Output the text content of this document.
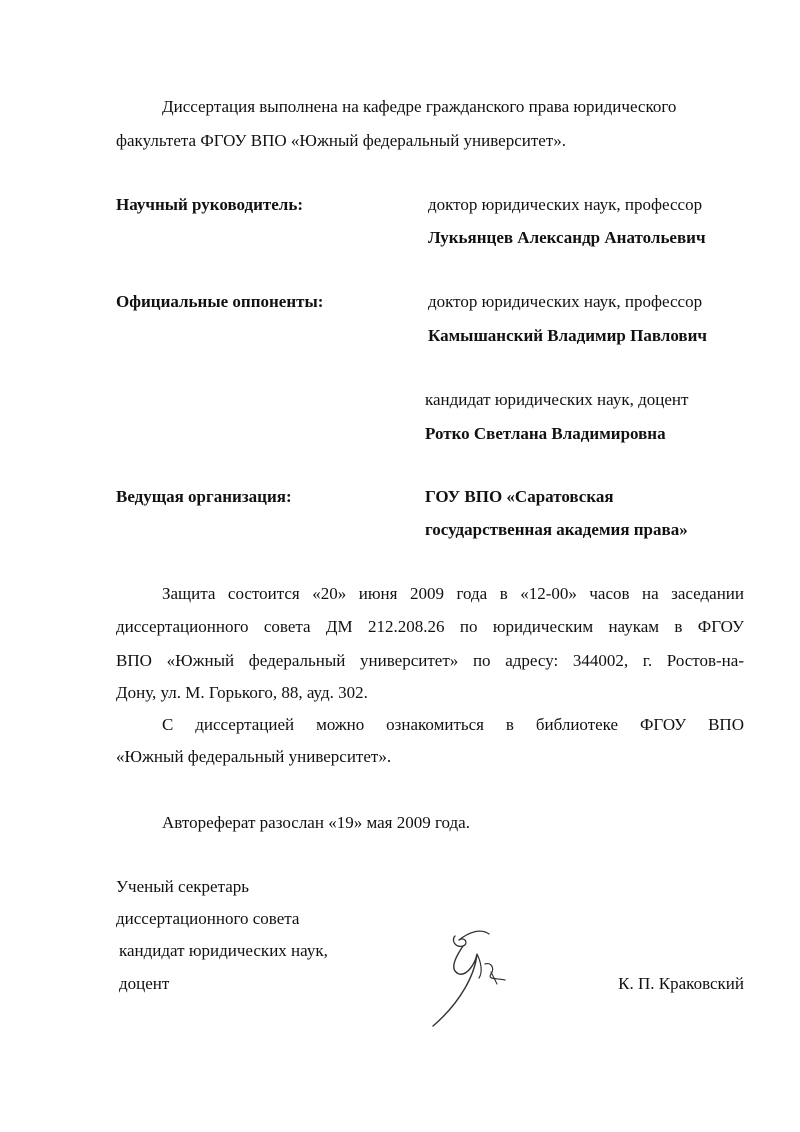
Диссертация выполнена на кафедре гражданского права юридического
факультета ФГОУ ВПО «Южный федеральный университет».
Научный руководитель:	доктор юридических наук, профессор
Лукьянцев Александр Анатольевич
Официальные оппоненты:	доктор юридических наук, профессор
Камышанский Владимир Павлович
кандидат юридических наук, доцент
Ротко Светлана Владимировна
Ведущая организация:	ГОУ ВПО «Саратовская
государственная академия права»
Защита состоится «20» июня 2009 года в «12-00» часов на заседании
диссертационного совета ДМ 212.208.26 по юридическим наукам в ФГОУ
ВПО «Южный федеральный университет» по адресу: 344002, г. Ростов-на-
Дону, ул. М. Горького, 88, ауд. 302.
С диссертацией можно ознакомиться в библиотеке ФГОУ ВПО
«Южный федеральный университет».
Автореферат разослан «19» мая 2009 года.
Ученый секретарь
диссертационного совета
кандидат юридических наук,
доцент	К. П. Краковский
